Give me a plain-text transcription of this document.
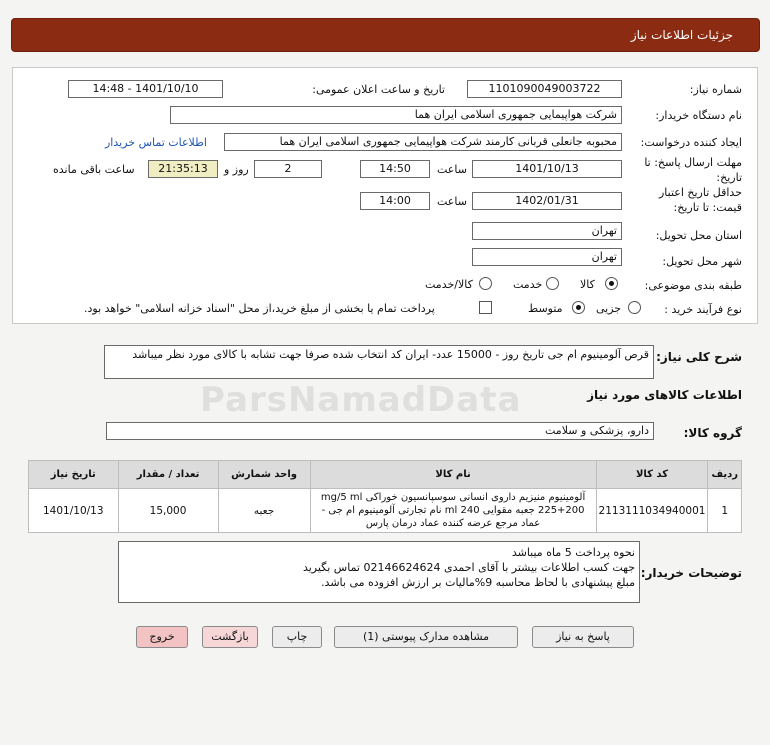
جزئیات اطلاعات نیاز
ParsNamadData
شماره نیاز:
1101090049003722
تاریخ و ساعت اعلان عمومی:
1401/10/10 - 14:48
نام دستگاه خریدار:
شرکت هواپیمایی جمهوری اسلامی ایران هما
ایجاد کننده درخواست:
محبوبه جانعلی قربانی کارمند شرکت هواپیمایی جمهوری اسلامی ایران هما
اطلاعات تماس خریدار
مهلت ارسال پاسخ: تا
تاریخ:
1401/10/13
ساعت
14:50
2
روز و
21:35:13
ساعت باقی مانده
حداقل تاریخ اعتبار
قیمت: تا تاریخ:
1402/01/31
ساعت
14:00
استان محل تحویل:
تهران
شهر محل تحویل:
تهران
طبقه بندی موضوعی:
کالا
خدمت
کالا/خدمت
نوع فرآیند خرید :
جزیی
متوسط
پرداخت تمام یا بخشی از مبلغ خرید،از محل "اسناد خزانه اسلامی" خواهد بود.
شرح کلی نیاز:
قرص آلومینیوم ام جی تاریخ روز - 15000 عدد- ایران کد انتخاب شده صرفا جهت تشابه با کالای مورد نظر میباشد
اطلاعات کالاهای مورد نیاز
گروه کالا:
دارو، پزشکی و سلامت
ردیف	کد کالا	نام کالا	واحد شمارش	تعداد / مقدار	تاریخ نیاز
1	2113111034940001	آلومینیوم منیزیم داروی انسانی سوسپانسیون خوراکی mg/5 ml 225+200 جعبه مقوایی 240 ml نام تجارتی آلومینیوم ام جی - عماد مرجع عرضه کننده عماد درمان پارس	جعبه	15,000	1401/10/13
توضیحات خریدار:
نحوه پرداخت 5 ماه میباشد
جهت کسب اطلاعات بیشتر با آقای احمدی 02146624624 تماس بگیرید
مبلغ پیشنهادی با لحاظ محاسبه 9%مالیات بر ارزش افزوده می باشد.
پاسخ به نیاز
مشاهده مدارک پیوستی (1)
چاپ
بازگشت
خروج
